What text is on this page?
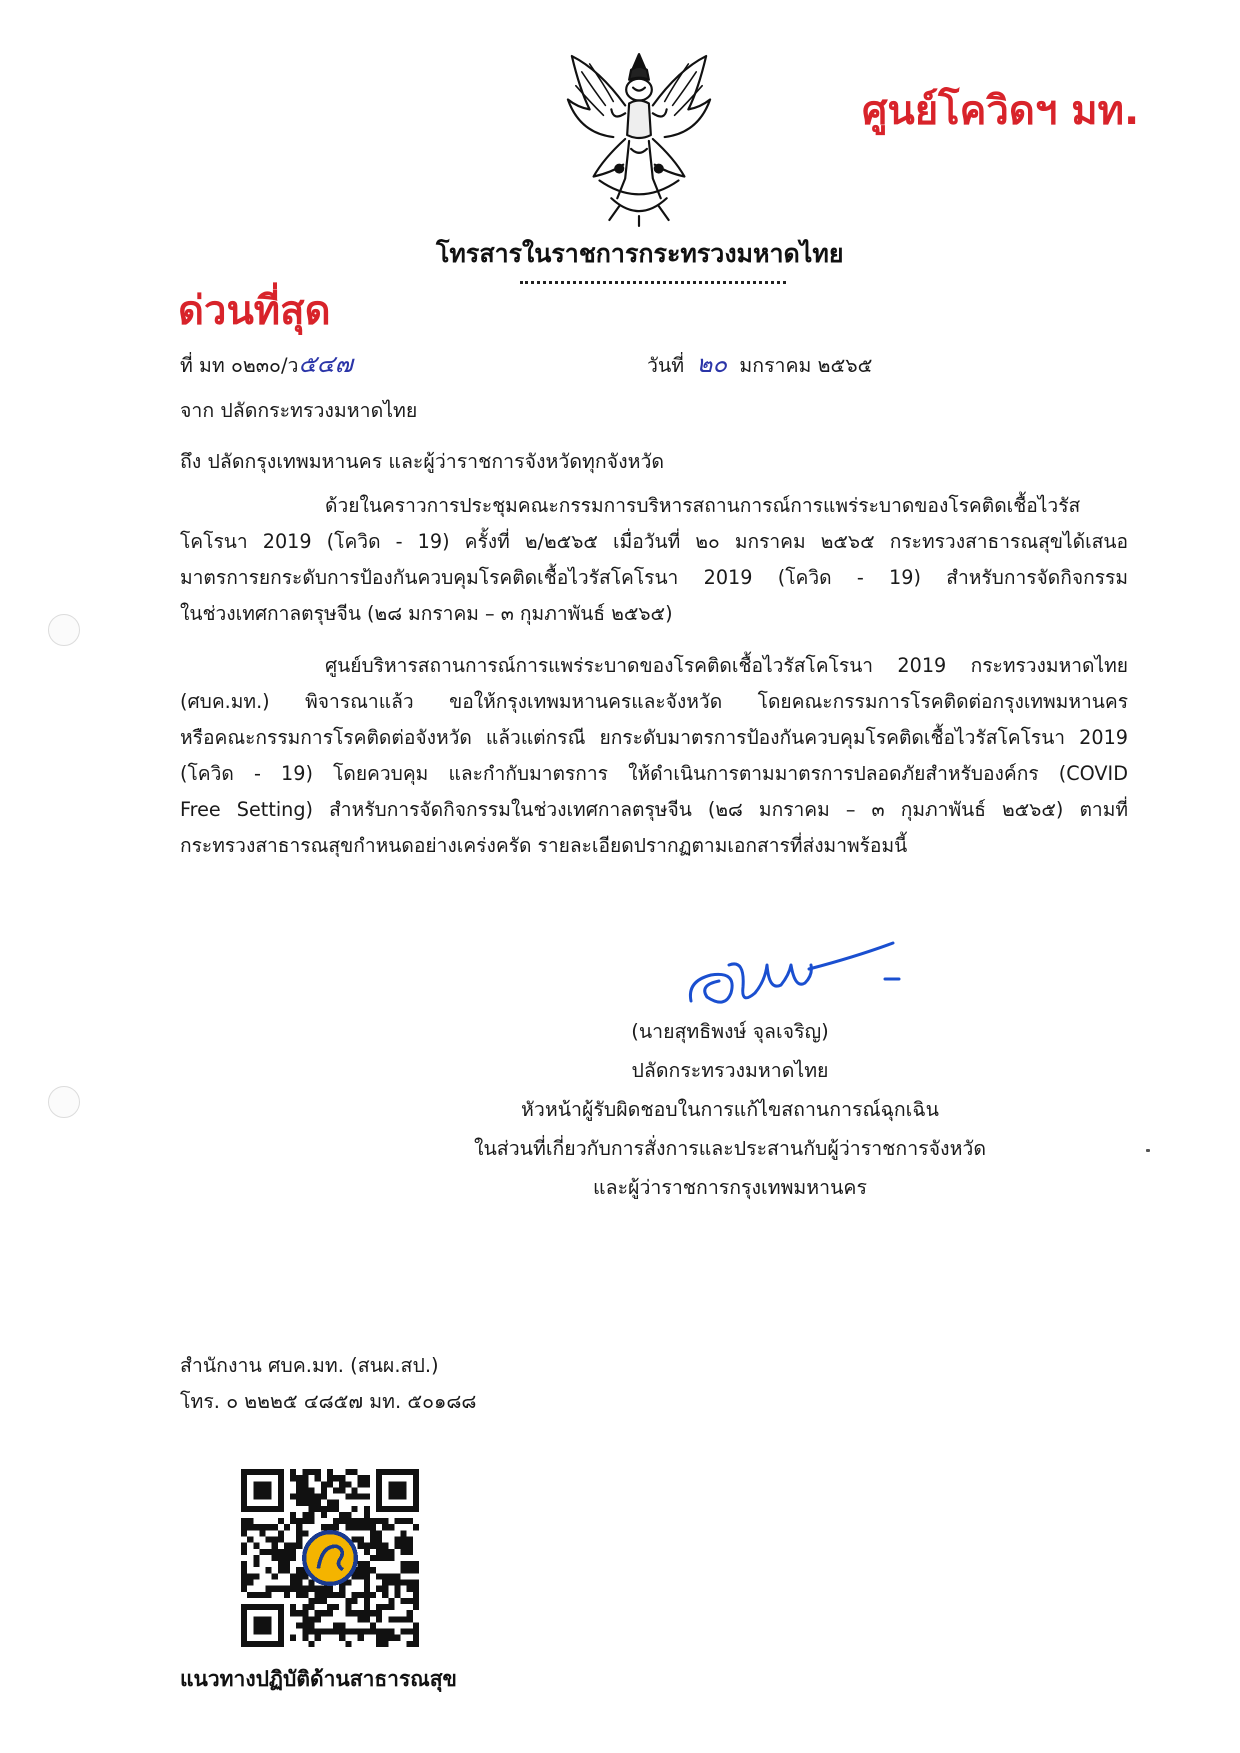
ศูนย์โควิดฯ มท.
โทรสารในราชการกระทรวงมหาดไทย
ด่วนที่สุด
ที่ มท ๐๒๓๐/ว๕๔๗	วันที่ ๒๐ มกราคม ๒๕๖๕
จาก ปลัดกระทรวงมหาดไทย
ถึง ปลัดกรุงเทพมหานคร และผู้ว่าราชการจังหวัดทุกจังหวัด
ด้วยในคราวการประชุมคณะกรรมการบริหารสถานการณ์การแพร่ระบาดของโรคติดเชื้อไวรัส
โคโรนา 2019 (โควิด - 19) ครั้งที่ ๒/๒๕๖๕ เมื่อวันที่ ๒๐ มกราคม ๒๕๖๕ กระทรวงสาธารณสุขได้เสนอ
มาตรการยกระดับการป้องกันควบคุมโรคติดเชื้อไวรัสโคโรนา 2019 (โควิด - 19) สำหรับการจัดกิจกรรม
ในช่วงเทศกาลตรุษจีน (๒๘ มกราคม – ๓ กุมภาพันธ์ ๒๕๖๕)
ศูนย์บริหารสถานการณ์การแพร่ระบาดของโรคติดเชื้อไวรัสโคโรนา 2019 กระทรวงมหาดไทย
(ศบค.มท.) พิจารณาแล้ว ขอให้กรุงเทพมหานครและจังหวัด โดยคณะกรรมการโรคติดต่อกรุงเทพมหานคร
หรือคณะกรรมการโรคติดต่อจังหวัด แล้วแต่กรณี ยกระดับมาตรการป้องกันควบคุมโรคติดเชื้อไวรัสโคโรนา 2019
(โควิด - 19) โดยควบคุม และกำกับมาตรการ ให้ดำเนินการตามมาตรการปลอดภัยสำหรับองค์กร (COVID
Free Setting) สำหรับการจัดกิจกรรมในช่วงเทศกาลตรุษจีน (๒๘ มกราคม – ๓ กุมภาพันธ์ ๒๕๖๕) ตามที่
กระทรวงสาธารณสุขกำหนดอย่างเคร่งครัด รายละเอียดปรากฏตามเอกสารที่ส่งมาพร้อมนี้
(นายสุทธิพงษ์ จุลเจริญ)
ปลัดกระทรวงมหาดไทย
หัวหน้าผู้รับผิดชอบในการแก้ไขสถานการณ์ฉุกเฉิน
ในส่วนที่เกี่ยวกับการสั่งการและประสานกับผู้ว่าราชการจังหวัด
และผู้ว่าราชการกรุงเทพมหานคร
สำนักงาน ศบค.มท. (สนผ.สป.)
โทร. ๐ ๒๒๒๕ ๔๘๕๗ มท. ๕๐๑๘๘
แนวทางปฏิบัติด้านสาธารณสุข
